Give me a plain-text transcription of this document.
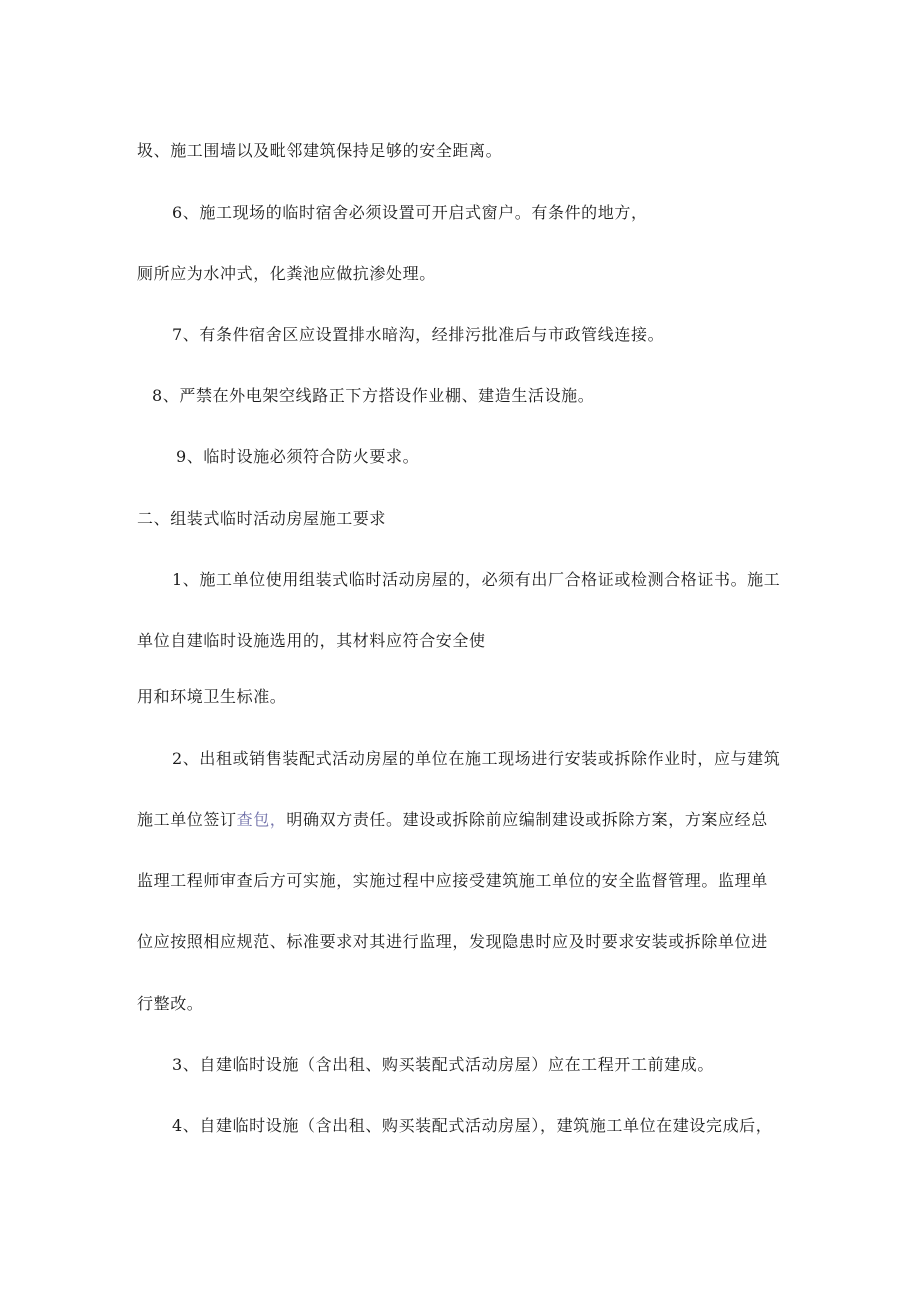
圾、施工围墙以及毗邻建筑保持足够的安全距离。
6、施工现场的临时宿舍必须设置可开启式窗户。有条件的地方，
厕所应为水冲式，化粪池应做抗渗处理。
7、有条件宿舍区应设置排水暗沟，经排污批准后与市政管线连接。
8、严禁在外电架空线路正下方搭设作业棚、建造生活设施。
9、临时设施必须符合防火要求。
二、组装式临时活动房屋施工要求
1、施工单位使用组装式临时活动房屋的，必须有出厂合格证或检测合格证书。施工
单位自建临时设施选用的，其材料应符合安全使
用和环境卫生标准。
2、出租或销售装配式活动房屋的单位在施工现场进行安装或拆除作业时，应与建筑
施工单位签订查包，明确双方责任。建设或拆除前应编制建设或拆除方案，方案应经总
监理工程师审查后方可实施，实施过程中应接受建筑施工单位的安全监督管理。监理单
位应按照相应规范、标准要求对其进行监理，发现隐患时应及时要求安装或拆除单位进
行整改。
3、自建临时设施（含出租、购买装配式活动房屋）应在工程开工前建成。
4、自建临时设施（含出租、购买装配式活动房屋），建筑施工单位在建设完成后，
